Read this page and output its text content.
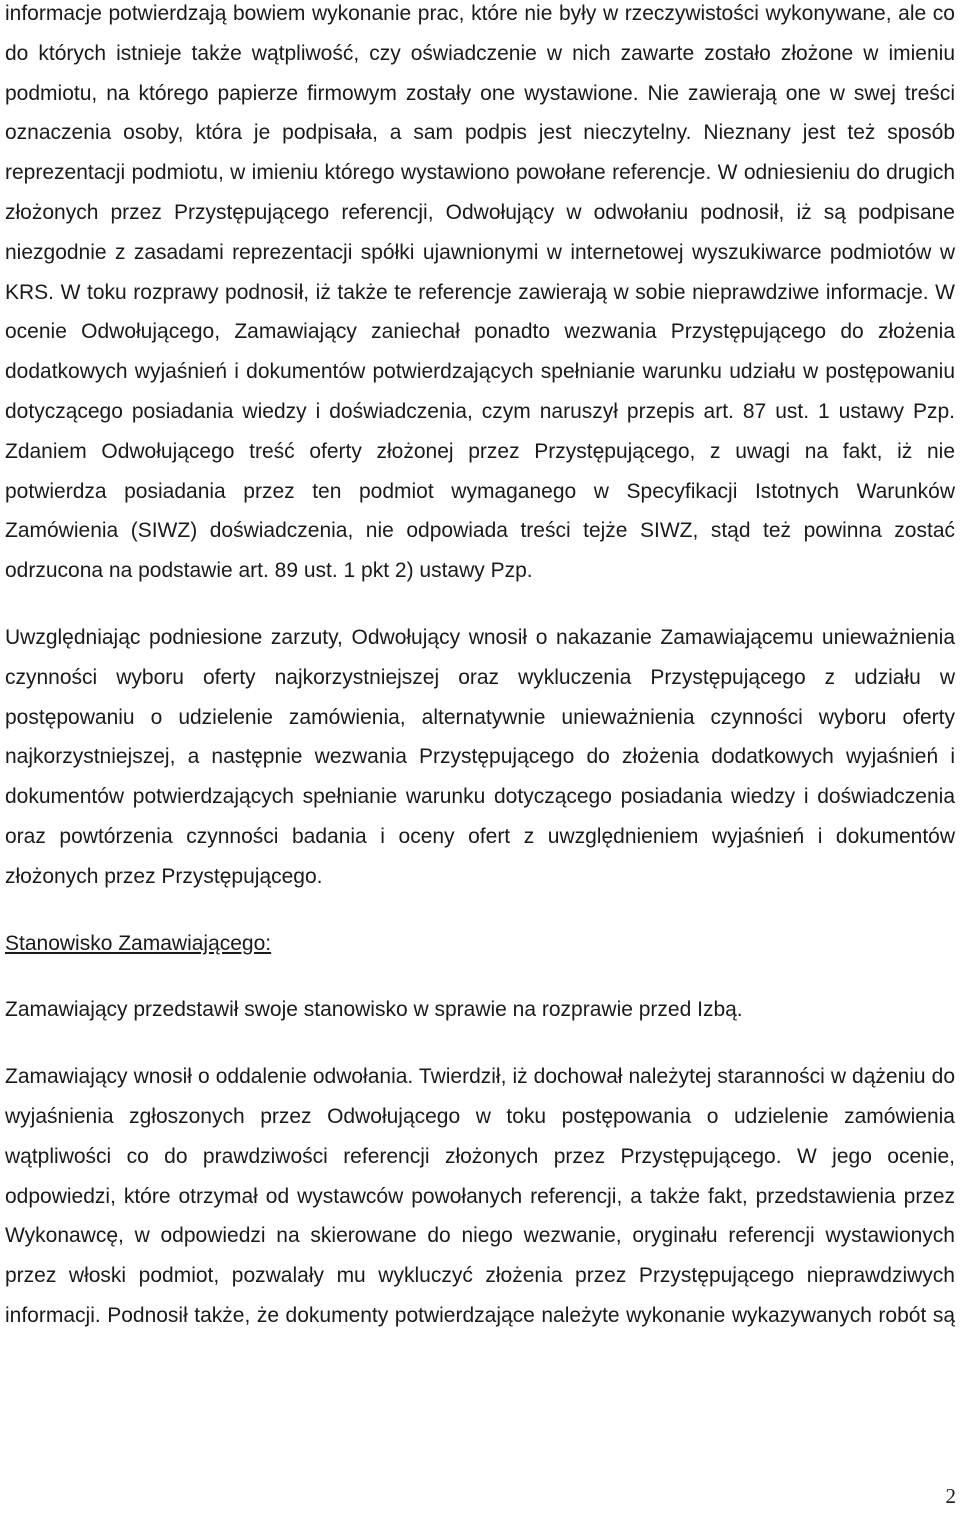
informacje potwierdzają bowiem wykonanie prac, które nie były w rzeczywistości wykonywane, ale co do których istnieje także wątpliwość, czy oświadczenie w nich zawarte zostało złożone w imieniu podmiotu, na którego papierze firmowym zostały one wystawione. Nie zawierają one w swej treści oznaczenia osoby, która je podpisała, a sam podpis jest nieczytelny. Nieznany jest też sposób reprezentacji podmiotu, w imieniu którego wystawiono powołane referencje. W odniesieniu do drugich złożonych przez Przystępującego referencji, Odwołujący w odwołaniu podnosił, iż są podpisane niezgodnie z zasadami reprezentacji spółki ujawnionymi w internetowej wyszukiwarce podmiotów w KRS. W toku rozprawy podnosił, iż także te referencje zawierają w sobie nieprawdziwe informacje. W ocenie Odwołującego, Zamawiający zaniechał ponadto wezwania Przystępującego do złożenia dodatkowych wyjaśnień i dokumentów potwierdzających spełnianie warunku udziału w postępowaniu dotyczącego posiadania wiedzy i doświadczenia, czym naruszył przepis art. 87 ust. 1 ustawy Pzp. Zdaniem Odwołującego treść oferty złożonej przez Przystępującego, z uwagi na fakt, iż nie potwierdza posiadania przez ten podmiot wymaganego w Specyfikacji Istotnych Warunków Zamówienia (SIWZ) doświadczenia, nie odpowiada treści tejże SIWZ, stąd też powinna zostać odrzucona na podstawie art. 89 ust. 1 pkt 2) ustawy Pzp.

Uwzględniając podniesione zarzuty, Odwołujący wnosił o nakazanie Zamawiającemu unieważnienia czynności wyboru oferty najkorzystniejszej oraz wykluczenia Przystępującego z udziału w postępowaniu o udzielenie zamówienia, alternatywnie unieważnienia czynności wyboru oferty najkorzystniejszej, a następnie wezwania Przystępującego do złożenia dodatkowych wyjaśnień i dokumentów potwierdzających spełnianie warunku dotyczącego posiadania wiedzy i doświadczenia oraz powtórzenia czynności badania i oceny ofert z uwzględnieniem wyjaśnień i dokumentów złożonych przez Przystępującego.

Stanowisko Zamawiającego:

Zamawiający przedstawił swoje stanowisko w sprawie na rozprawie przed Izbą.

Zamawiający wnosił o oddalenie odwołania. Twierdził, iż dochował należytej staranności w dążeniu do wyjaśnienia zgłoszonych przez Odwołującego w toku postępowania o udzielenie zamówienia wątpliwości co do prawdziwości referencji złożonych przez Przystępującego. W jego ocenie, odpowiedzi, które otrzymał od wystawców powołanych referencji, a także fakt, przedstawienia przez Wykonawcę, w odpowiedzi na skierowane do niego wezwanie, oryginału referencji wystawionych przez włoski podmiot, pozwalały mu wykluczyć złożenia przez Przystępującego nieprawdziwych informacji. Podnosił także, że dokumenty potwierdzające należyte wykonanie wykazywanych robót są

2
